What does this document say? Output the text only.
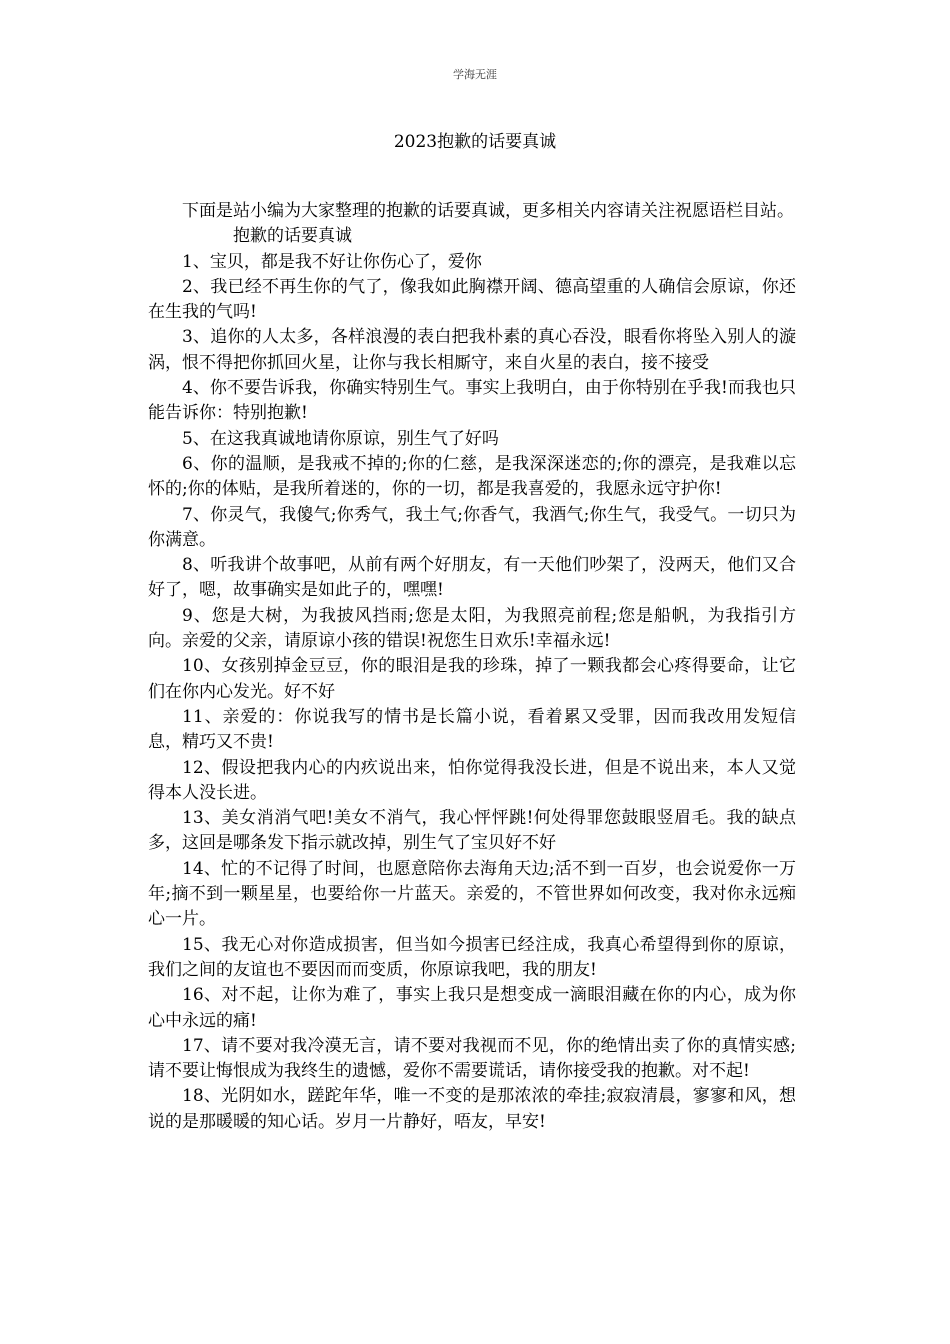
学海无涯
2023抱歉的话要真诚

下面是站小编为大家整理的抱歉的话要真诚，更多相关内容请关注祝愿语栏目站。

抱歉的话要真诚

1、宝贝，都是我不好让你伤心了，爱你

2、我已经不再生你的气了，像我如此胸襟开阔、德高望重的人确信会原谅，你还在生我的气吗!

3、追你的人太多，各样浪漫的表白把我朴素的真心吞没，眼看你将坠入别人的漩涡，恨不得把你抓回火星，让你与我长相厮守，来自火星的表白，接不接受

4、你不要告诉我，你确实特别生气。事实上我明白，由于你特别在乎我!而我也只能告诉你：特别抱歉!

5、在这我真诚地请你原谅，别生气了好吗

6、你的温顺，是我戒不掉的;你的仁慈，是我深深迷恋的;你的漂亮，是我难以忘怀的;你的体贴，是我所着迷的，你的一切，都是我喜爱的，我愿永远守护你!

7、你灵气，我傻气;你秀气，我土气;你香气，我酒气;你生气，我受气。一切只为你满意。

8、听我讲个故事吧，从前有两个好朋友，有一天他们吵架了，没两天，他们又合好了，嗯，故事确实是如此子的，嘿嘿!

9、您是大树，为我披风挡雨;您是太阳，为我照亮前程;您是船帆，为我指引方向。亲爱的父亲，请原谅小孩的错误!祝您生日欢乐!幸福永远!

10、女孩别掉金豆豆，你的眼泪是我的珍珠，掉了一颗我都会心疼得要命，让它们在你内心发光。好不好

11、亲爱的：你说我写的情书是长篇小说，看着累又受罪，因而我改用发短信息，精巧又不贵!

12、假设把我内心的内疚说出来，怕你觉得我没长进，但是不说出来，本人又觉得本人没长进。

13、美女消消气吧!美女不消气，我心怦怦跳!何处得罪您鼓眼竖眉毛。我的缺点多，这回是哪条发下指示就改掉，别生气了宝贝好不好

14、忙的不记得了时间，也愿意陪你去海角天边;活不到一百岁，也会说爱你一万年;摘不到一颗星星，也要给你一片蓝天。亲爱的，不管世界如何改变，我对你永远痴心一片。

15、我无心对你造成损害，但当如今损害已经注成，我真心希望得到你的原谅，我们之间的友谊也不要因而而变质，你原谅我吧，我的朋友!

16、对不起，让你为难了，事实上我只是想变成一滴眼泪藏在你的内心，成为你心中永远的痛!

17、请不要对我冷漠无言，请不要对我视而不见，你的绝情出卖了你的真情实感;请不要让悔恨成为我终生的遗憾，爱你不需要谎话，请你接受我的抱歉。对不起!

18、光阴如水，蹉跎年华，唯一不变的是那浓浓的牵挂;寂寂清晨，寥寥和风，想说的是那暖暖的知心话。岁月一片静好，唔友，早安!
